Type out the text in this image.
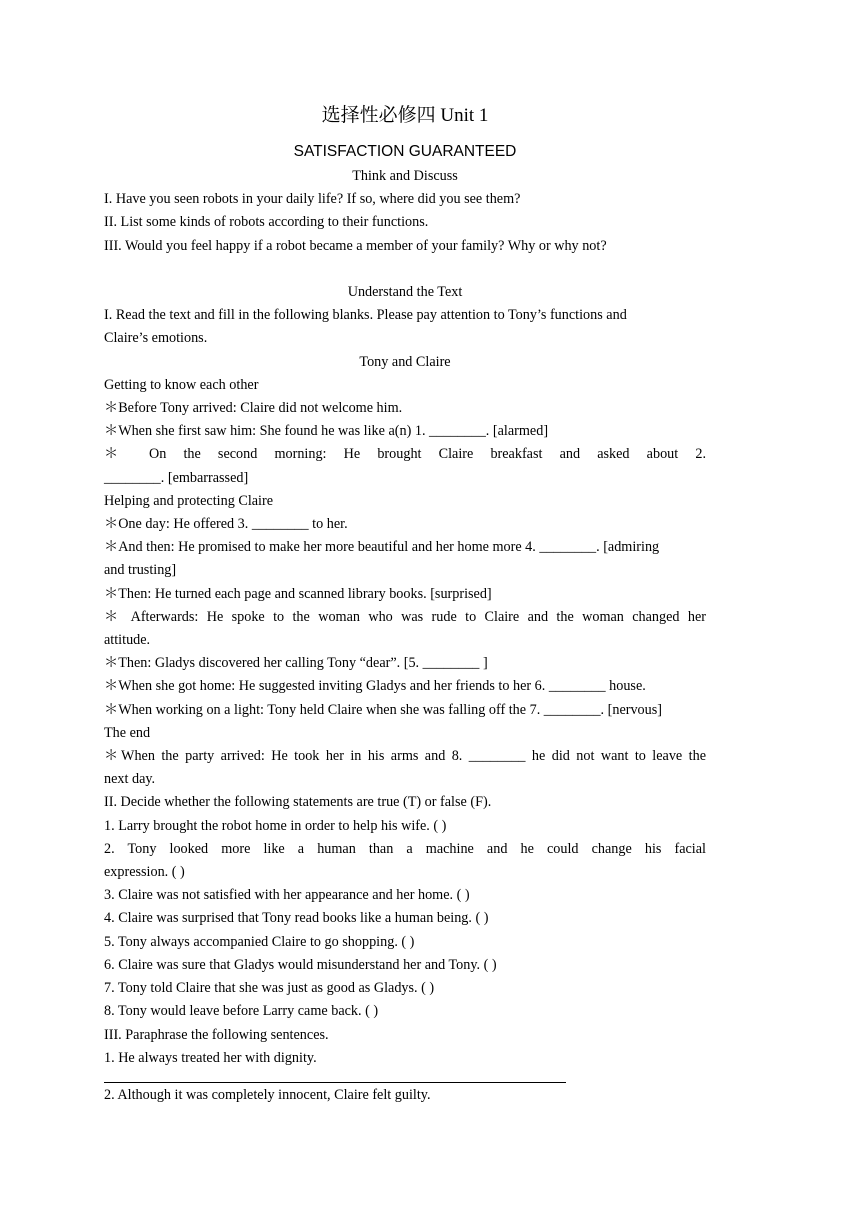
选择性必修四 Unit 1
SATISFACTION GUARANTEED
Think and Discuss
I. Have you seen robots in your daily life? If so, where did you see them?
II. List some kinds of robots according to their functions.
III. Would you feel happy if a robot became a member of your family? Why or why not?
Understand the Text
I. Read the text and fill in the following blanks. Please pay attention to Tony’s functions and
Claire’s emotions.
Tony and Claire
Getting to know each other
＊Before Tony arrived: Claire did not welcome him.
＊When she first saw him: She found he was like a(n) 1. ________. [alarmed]
＊ On the second morning: He brought Claire breakfast and asked about 2.
________. [embarrassed]
Helping and protecting Claire
＊One day: He offered 3. ________ to her.
＊And then: He promised to make her more beautiful and her home more 4. ________. [admiring
and trusting]
＊Then: He turned each page and scanned library books. [surprised]
＊ Afterwards: He spoke to the woman who was rude to Claire and the woman changed her
attitude.
＊Then: Gladys discovered her calling Tony “dear”. [5. ________ ]
＊When she got home: He suggested inviting Gladys and her friends to her 6. ________ house.
＊When working on a light: Tony held Claire when she was falling off the 7. ________. [nervous]
The end
＊When the party arrived: He took her in his arms and 8. ________ he did not want to leave the
next day.
II. Decide whether the following statements are true (T) or false (F).
1. Larry brought the robot home in order to help his wife. ( )
2. Tony looked more like a human than a machine and he could change his facial
expression. ( )
3. Claire was not satisfied with her appearance and her home. ( )
4. Claire was surprised that Tony read books like a human being. ( )
5. Tony always accompanied Claire to go shopping. ( )
6. Claire was sure that Gladys would misunderstand her and Tony. ( )
7. Tony told Claire that she was just as good as Gladys. ( )
8. Tony would leave before Larry came back. ( )
III. Paraphrase the following sentences.
1. He always treated her with dignity.
2. Although it was completely innocent, Claire felt guilty.
